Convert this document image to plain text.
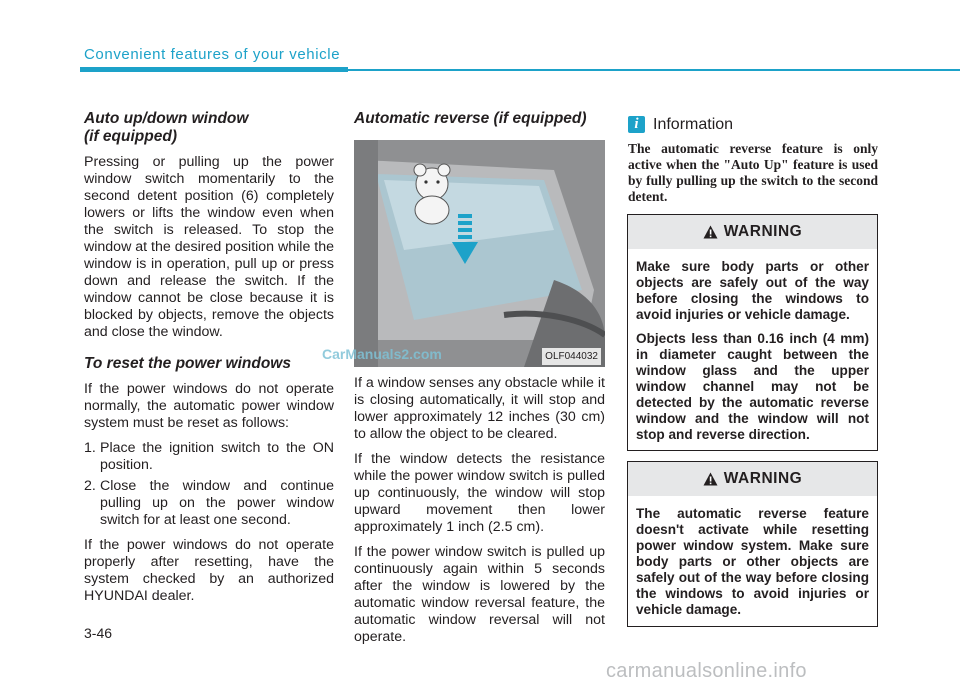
Convenient features of your vehicle
Auto up/down window
(if equipped)

Pressing or pulling up the power window switch momentarily to the second detent position (6) completely lowers or lifts the window even when the switch is released. To stop the window at the desired position while the window is in operation, pull up or press down and release the switch. If the window cannot be close because it is blocked by objects, remove the objects and close the window.

To reset the power windows

If the power windows do not operate normally, the automatic power window system must be reset as follows:

1. Place the ignition switch to the ON position.
2. Close the window and continue pulling up on the power window switch for at least one second.

If the power windows do not operate properly after resetting, have the system checked by an authorized HYUNDAI dealer.

Automatic reverse (if equipped)
OLF044032

If a window senses any obstacle while it is closing automatically, it will stop and lower approximately 12 inches (30 cm) to allow the object to be cleared.

If the window detects the resistance while the power window switch is pulled up continuously, the window will stop upward movement then lower approximately 1 inch (2.5 cm).

If the power window switch is pulled up continuously again within 5 seconds after the window is lowered by the automatic window reversal feature, the automatic window reversal will not operate.

i Information

The automatic reverse feature is only active when the "Auto Up" feature is used by fully pulling up the switch to the second detent.

WARNING

Make sure body parts or other objects are safely out of the way before closing the windows to avoid injuries or vehicle damage.

Objects less than 0.16 inch (4 mm) in diameter caught between the window glass and the upper window channel may not be detected by the automatic reverse window and the window will not stop and reverse direction.

WARNING

The automatic reverse feature doesn't activate while resetting power window system. Make sure body parts or other objects are safely out of the way before closing the windows to avoid injuries or vehicle damage.

3-46
CarManuals2.com
carmanualsonline.info
